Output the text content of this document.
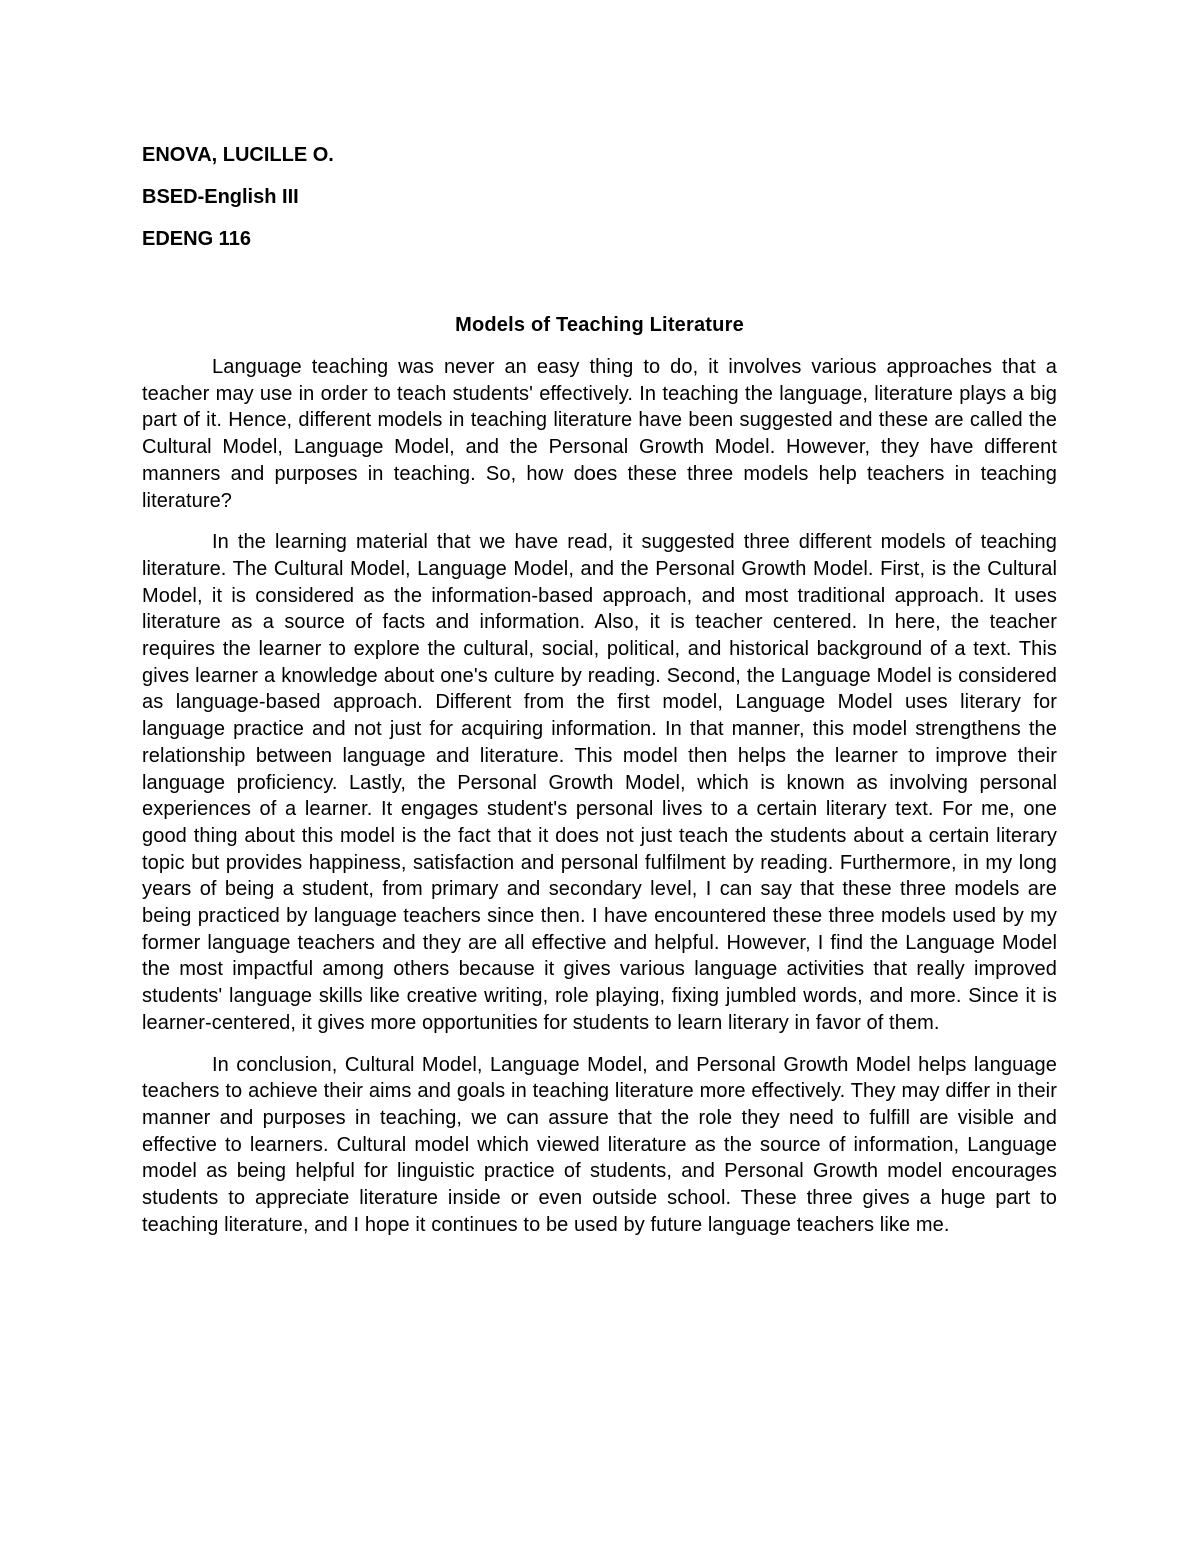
ENOVA, LUCILLE O.

BSED-English III

EDENG 116

Models of Teaching Literature

Language teaching was never an easy thing to do, it involves various approaches that a teacher may use in order to teach students' effectively. In teaching the language, literature plays a big part of it. Hence, different models in teaching literature have been suggested and these are called the Cultural Model, Language Model, and the Personal Growth Model. However, they have different manners and purposes in teaching. So, how does these three models help teachers in teaching literature?

In the learning material that we have read, it suggested three different models of teaching literature. The Cultural Model, Language Model, and the Personal Growth Model. First, is the Cultural Model, it is considered as the information-based approach, and most traditional approach. It uses literature as a source of facts and information. Also, it is teacher centered. In here, the teacher requires the learner to explore the cultural, social, political, and historical background of a text. This gives learner a knowledge about one's culture by reading. Second, the Language Model is considered as language-based approach. Different from the first model, Language Model uses literary for language practice and not just for acquiring information. In that manner, this model strengthens the relationship between language and literature. This model then helps the learner to improve their language proficiency. Lastly, the Personal Growth Model, which is known as involving personal experiences of a learner. It engages student's personal lives to a certain literary text. For me, one good thing about this model is the fact that it does not just teach the students about a certain literary topic but provides happiness, satisfaction and personal fulfilment by reading. Furthermore, in my long years of being a student, from primary and secondary level, I can say that these three models are being practiced by language teachers since then. I have encountered these three models used by my former language teachers and they are all effective and helpful. However, I find the Language Model the most impactful among others because it gives various language activities that really improved students' language skills like creative writing, role playing, fixing jumbled words, and more. Since it is learner-centered, it gives more opportunities for students to learn literary in favor of them.

In conclusion, Cultural Model, Language Model, and Personal Growth Model helps language teachers to achieve their aims and goals in teaching literature more effectively. They may differ in their manner and purposes in teaching, we can assure that the role they need to fulfill are visible and effective to learners. Cultural model which viewed literature as the source of information, Language model as being helpful for linguistic practice of students, and Personal Growth model encourages students to appreciate literature inside or even outside school. These three gives a huge part to teaching literature, and I hope it continues to be used by future language teachers like me.
